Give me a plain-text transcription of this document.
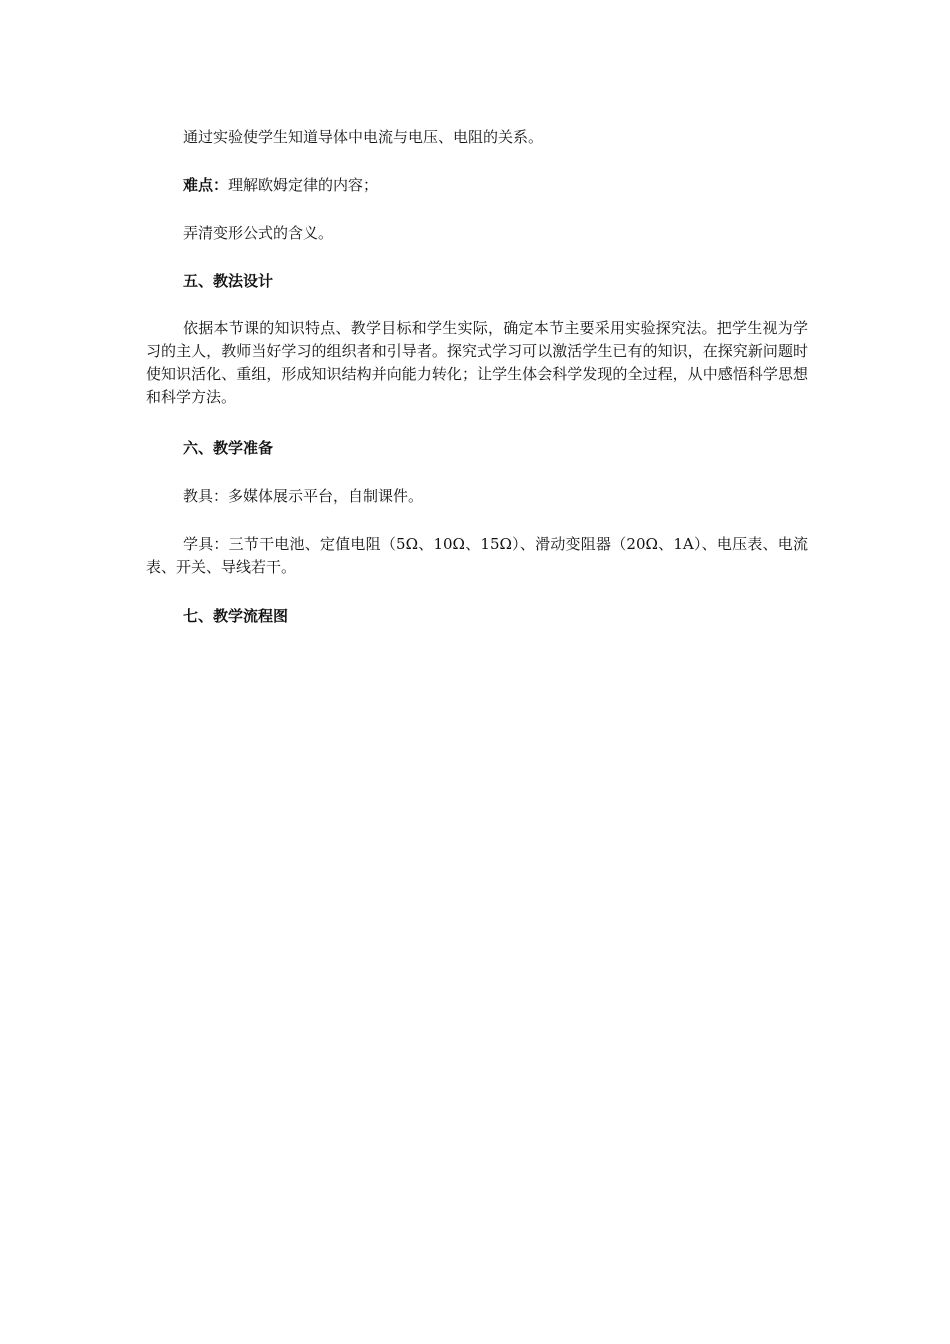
通过实验使学生知道导体中电流与电压、电阻的关系。

难点：理解欧姆定律的内容；

弄清变形公式的含义。

五、教法设计

依据本节课的知识特点、教学目标和学生实际，确定本节主要采用实验探究法。把学生视为学习的主人，教师当好学习的组织者和引导者。探究式学习可以激活学生已有的知识，在探究新问题时使知识活化、重组，形成知识结构并向能力转化；让学生体会科学发现的全过程，从中感悟科学思想和科学方法。

六、教学准备

教具：多媒体展示平台，自制课件。

学具：三节干电池、定值电阻（5Ω、10Ω、15Ω）、滑动变阻器（20Ω、1A）、电压表、电流表、开关、导线若干。

七、教学流程图
